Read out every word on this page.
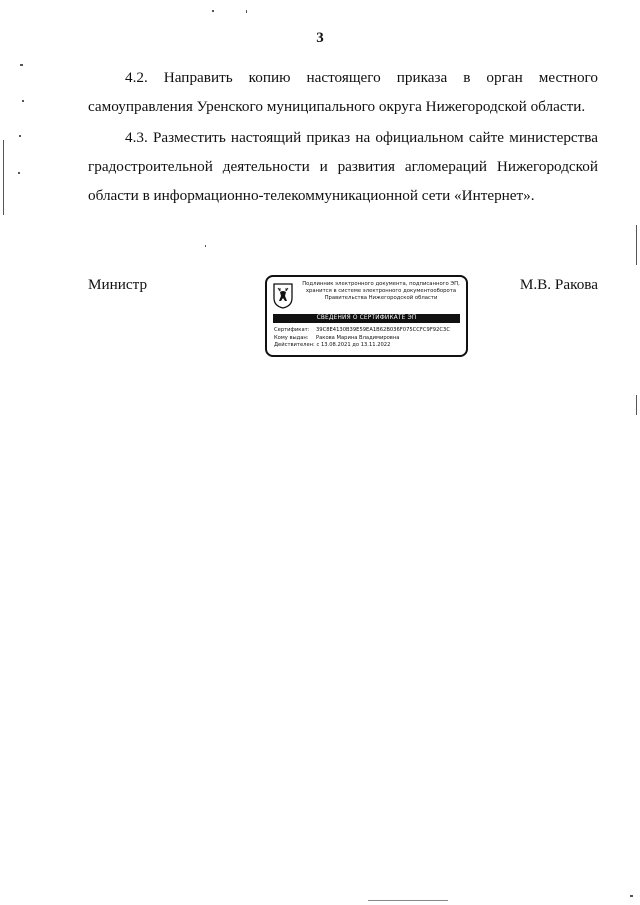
3
4.2. Направить копию настоящего приказа в орган местного самоуправления Уренского муниципального округа Нижегородской области.
4.3. Разместить настоящий приказ на официальном сайте министерства градостроительной деятельности и развития агломераций Нижегородской области в информационно-телекоммуникационной сети «Интернет».
Министр	М.В. Ракова
Подлинник электронного документа, подписанного ЭП,
хранится в системе электронного документооборота
Правительства Нижегородской области
СВЕДЕНИЯ О СЕРТИФИКАТЕ ЭП
Сертификат: 39C8E4130B39E59EA1B62B036F075CCFC9F92C3C
Кому выдан: Ракова Марина Владимировна
Действителен: с 13.08.2021 до 13.11.2022
